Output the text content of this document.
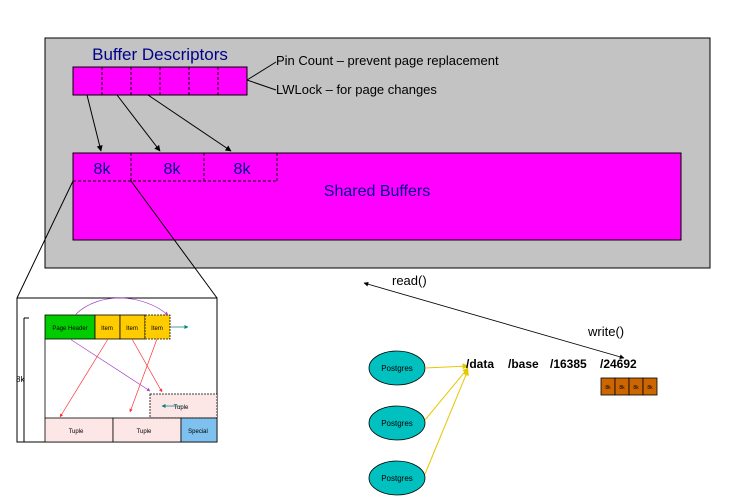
Buffer Descriptors	Pin Count – prevent page replacement
LWLock – for page changes
8k	8k	8k
Shared Buffers
8k
Page Header Item Item Item
Tuple
Tuple	Tuple	Special
read()
write()
Postgres
Postgres
Postgres
/data /base /16385 /24692
8k 8k 8k 8k
